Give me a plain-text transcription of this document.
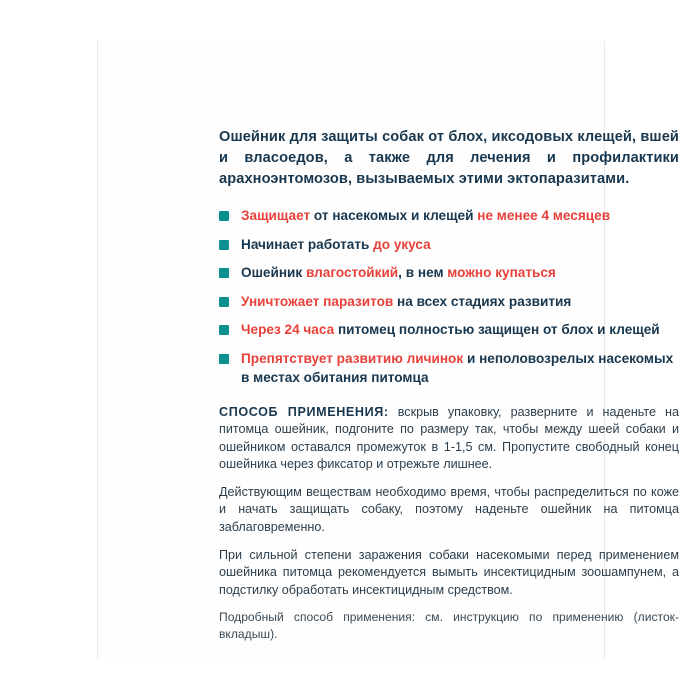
Ошейник для защиты собак от блох, иксодовых клещей, вшей и власоедов, а также для лечения и профилактики арахноэнтомозов, вызываемых этими эктопаразитами.

Защищает от насекомых и клещей не менее 4 месяцев
Начинает работать до укуса
Ошейник влагостойкий, в нем можно купаться
Уничтожает паразитов на всех стадиях развития
Через 24 часа питомец полностью защищен от блох и клещей
Препятствует развитию личинок и неполовозрелых насекомых в местах обитания питомца

СПОСОБ ПРИМЕНЕНИЯ: вскрыв упаковку, разверните и наденьте на питомца ошейник, подгоните по размеру так, чтобы между шеей собаки и ошейником оставался промежуток в 1-1,5 см. Пропустите свободный конец ошейника через фиксатор и отрежьте лишнее.

Действующим веществам необходимо время, чтобы распределиться по коже и начать защищать собаку, поэтому наденьте ошейник на питомца заблаговременно.

При сильной степени заражения собаки насекомыми перед применением ошейника питомца рекомендуется вымыть инсектицидным зоошампунем, а подстилку обработать инсектицидным средством.

Подробный способ применения: см. инструкцию по применению (листок-вкладыш).
